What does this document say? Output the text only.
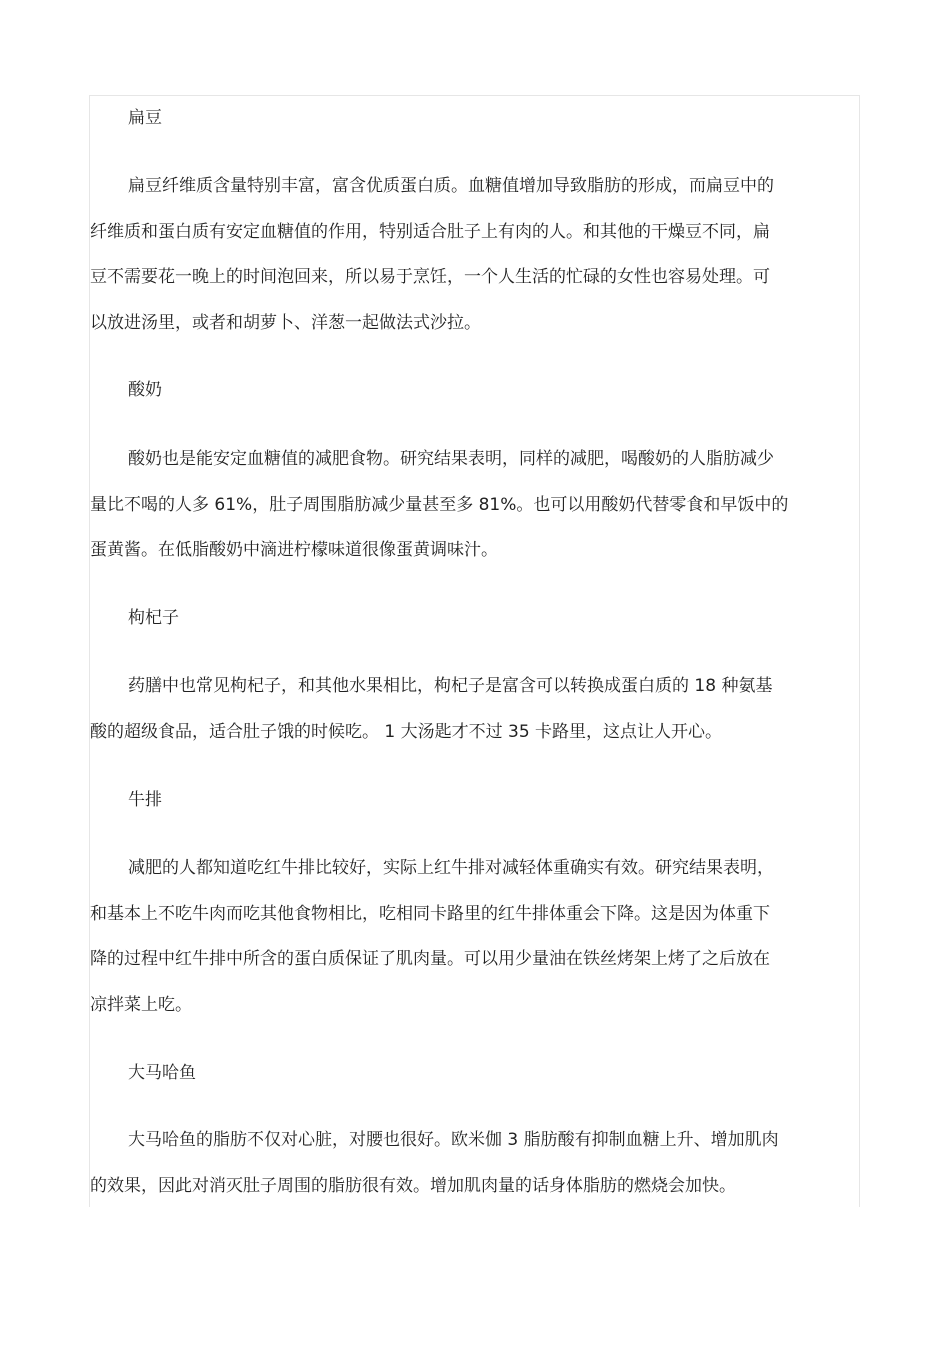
扁豆
扁豆纤维质含量特别丰富，富含优质蛋白质。血糖值增加导致脂肪的形成，而扁豆中的
纤维质和蛋白质有安定血糖值的作用，特别适合肚子上有肉的人。和其他的干燥豆不同，扁
豆不需要花一晚上的时间泡回来，所以易于烹饪，一个人生活的忙碌的女性也容易处理。可
以放进汤里，或者和胡萝卜、洋葱一起做法式沙拉。
酸奶
酸奶也是能安定血糖值的减肥食物。研究结果表明，同样的减肥，喝酸奶的人脂肪减少
量比不喝的人多 61%，肚子周围脂肪减少量甚至多 81%。也可以用酸奶代替零食和早饭中的
蛋黄酱。在低脂酸奶中滴进柠檬味道很像蛋黄调味汁。
枸杞子
药膳中也常见枸杞子，和其他水果相比，枸杞子是富含可以转换成蛋白质的 18 种氨基
酸的超级食品，适合肚子饿的时候吃。 1 大汤匙才不过 35 卡路里，这点让人开心。
牛排
减肥的人都知道吃红牛排比较好，实际上红牛排对减轻体重确实有效。研究结果表明，
和基本上不吃牛肉而吃其他食物相比，吃相同卡路里的红牛排体重会下降。这是因为体重下
降的过程中红牛排中所含的蛋白质保证了肌肉量。可以用少量油在铁丝烤架上烤了之后放在
凉拌菜上吃。
大马哈鱼
大马哈鱼的脂肪不仅对心脏，对腰也很好。欧米伽 3 脂肪酸有抑制血糖上升、增加肌肉
的效果，因此对消灭肚子周围的脂肪很有效。增加肌肉量的话身体脂肪的燃烧会加快。
